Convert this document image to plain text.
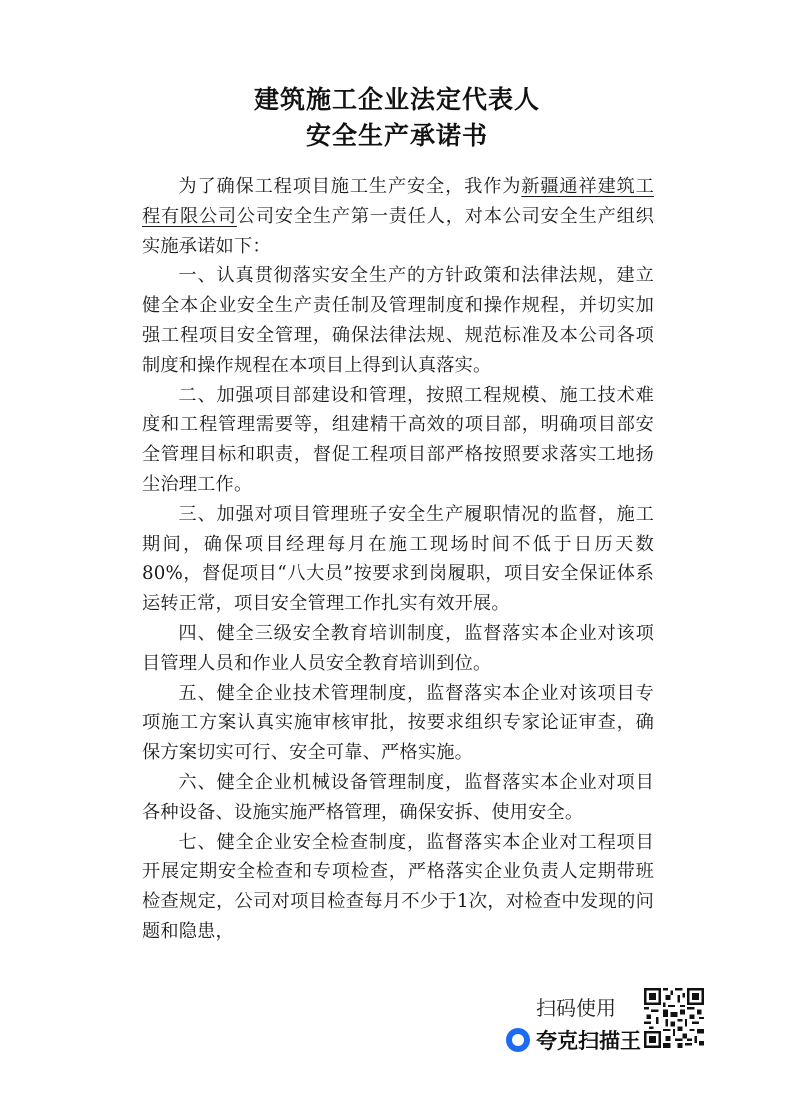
建筑施工企业法定代表人
安全生产承诺书

为了确保工程项目施工生产安全，我作为新疆通祥建筑工程有限公司公司安全生产第一责任人，对本公司安全生产组织实施承诺如下：

一、认真贯彻落实安全生产的方针政策和法律法规，建立健全本企业安全生产责任制及管理制度和操作规程，并切实加强工程项目安全管理，确保法律法规、规范标准及本公司各项制度和操作规程在本项目上得到认真落实。

二、加强项目部建设和管理，按照工程规模、施工技术难度和工程管理需要等，组建精干高效的项目部，明确项目部安全管理目标和职责，督促工程项目部严格按照要求落实工地扬尘治理工作。

三、加强对项目管理班子安全生产履职情况的监督，施工期间，确保项目经理每月在施工现场时间不低于日历天数80%，督促项目“八大员”按要求到岗履职，项目安全保证体系运转正常，项目安全管理工作扎实有效开展。

四、健全三级安全教育培训制度，监督落实本企业对该项目管理人员和作业人员安全教育培训到位。

五、健全企业技术管理制度，监督落实本企业对该项目专项施工方案认真实施审核审批，按要求组织专家论证审查，确保方案切实可行、安全可靠、严格实施。

六、健全企业机械设备管理制度，监督落实本企业对项目各种设备、设施实施严格管理，确保安拆、使用安全。

七、健全企业安全检查制度，监督落实本企业对工程项目开展定期安全检查和专项检查，严格落实企业负责人定期带班检查规定，公司对项目检查每月不少于1次，对检查中发现的问题和隐患，

扫码使用
夸克扫描王
